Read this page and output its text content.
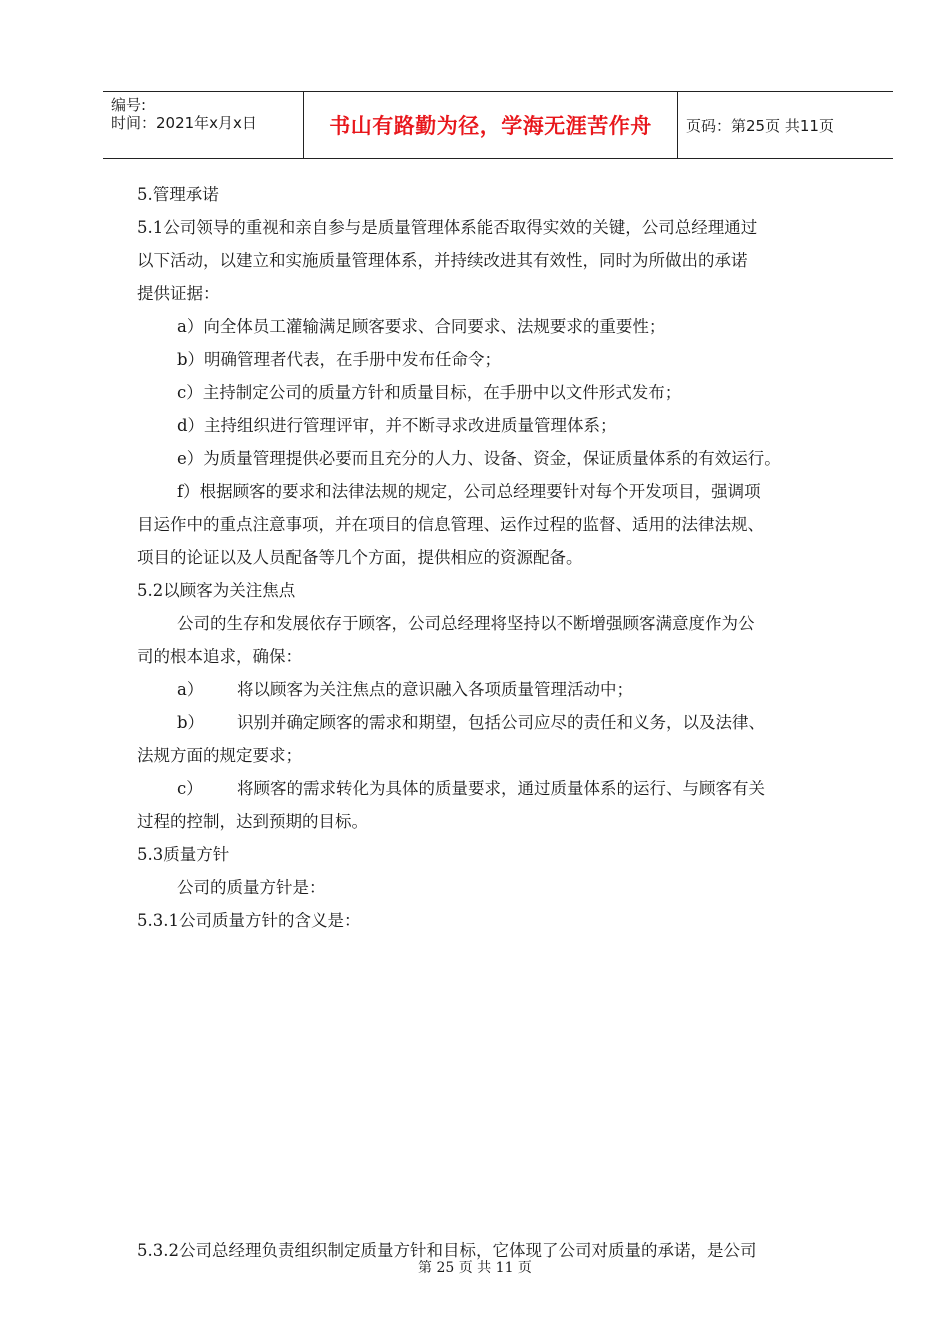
编号:
时间：2021年x月x日	书山有路勤为径，学海无涯苦作舟	页码：第25页 共11页
5.管理承诺
5.1公司领导的重视和亲自参与是质量管理体系能否取得实效的关键，公司总经理通过
以下活动，以建立和实施质量管理体系，并持续改进其有效性，同时为所做出的承诺
提供证据：
a）向全体员工灌输满足顾客要求、合同要求、法规要求的重要性；
b）明确管理者代表，在手册中发布任命令；
c）主持制定公司的质量方针和质量目标，在手册中以文件形式发布；
d）主持组织进行管理评审，并不断寻求改进质量管理体系；
e）为质量管理提供必要而且充分的人力、设备、资金，保证质量体系的有效运行。
f）根据顾客的要求和法律法规的规定，公司总经理要针对每个开发项目，强调项
目运作中的重点注意事项，并在项目的信息管理、运作过程的监督、适用的法律法规、
项目的论证以及人员配备等几个方面，提供相应的资源配备。
5.2以顾客为关注焦点
公司的生存和发展依存于顾客，公司总经理将坚持以不断增强顾客满意度作为公
司的根本追求，确保：
a） 将以顾客为关注焦点的意识融入各项质量管理活动中；
b） 识别并确定顾客的需求和期望，包括公司应尽的责任和义务，以及法律、
法规方面的规定要求；
c） 将顾客的需求转化为具体的质量要求，通过质量体系的运行、与顾客有关
过程的控制，达到预期的目标。
5.3质量方针
公司的质量方针是：
5.3.1公司质量方针的含义是：
5.3.2公司总经理负责组织制定质量方针和目标，它体现了公司对质量的承诺，是公司
第 25 页 共 11 页
